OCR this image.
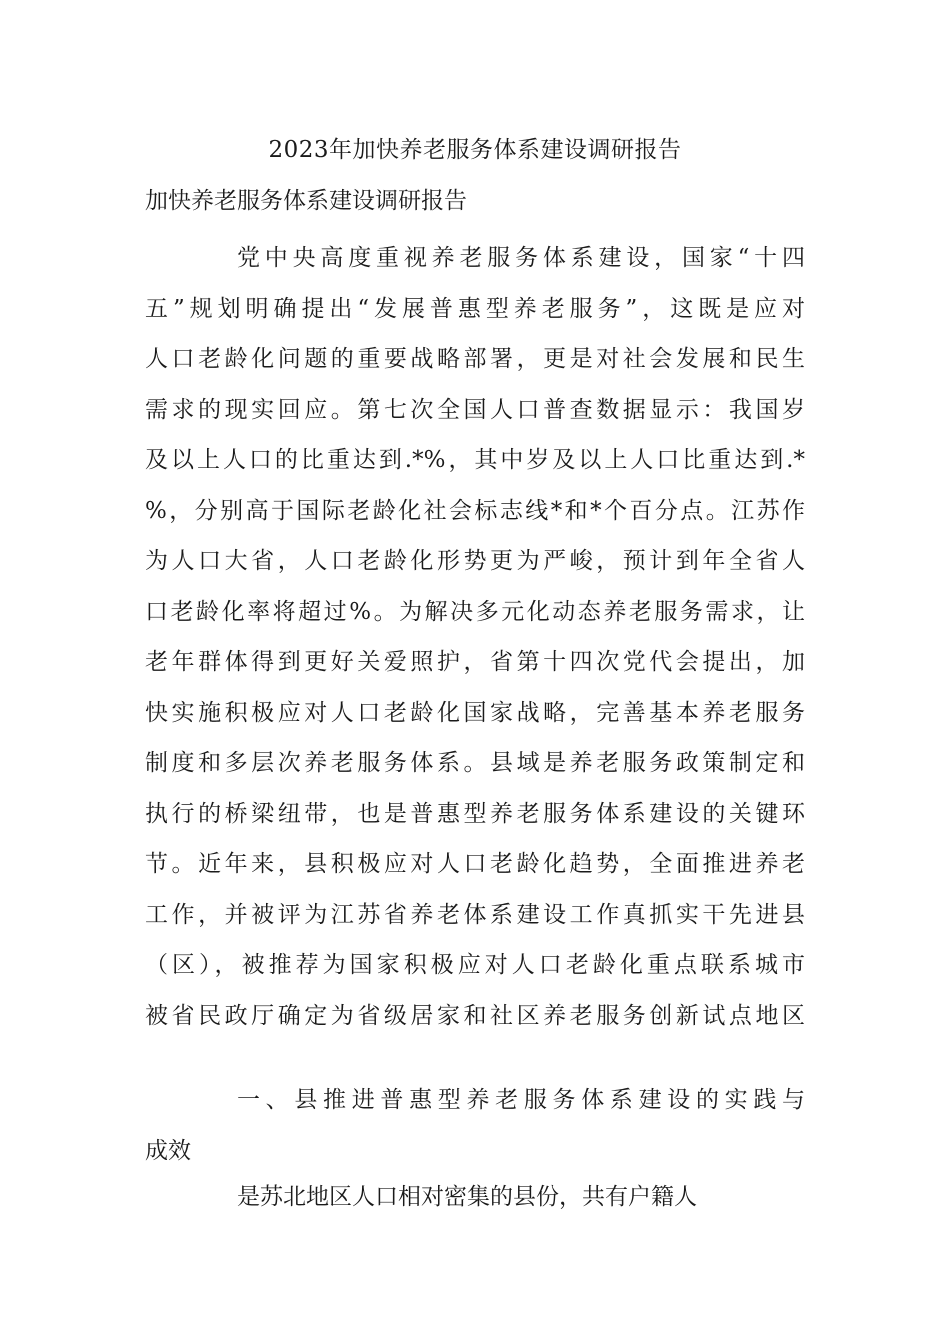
2023年加快养老服务体系建设调研报告
加快养老服务体系建设调研报告
党中央高度重视养老服务体系建设，国家“十四
五”规划明确提出“发展普惠型养老服务”，这既是应对
人口老龄化问题的重要战略部署，更是对社会发展和民生
需求的现实回应。第七次全国人口普查数据显示：我国岁
及以上人口的比重达到.*%，其中岁及以上人口比重达到.*
%，分别高于国际老龄化社会标志线*和*个百分点。江苏作
为人口大省，人口老龄化形势更为严峻，预计到年全省人
口老龄化率将超过%。为解决多元化动态养老服务需求，让
老年群体得到更好关爱照护，省第十四次党代会提出，加
快实施积极应对人口老龄化国家战略，完善基本养老服务
制度和多层次养老服务体系。县域是养老服务政策制定和
执行的桥梁纽带，也是普惠型养老服务体系建设的关键环
节。近年来，县积极应对人口老龄化趋势，全面推进养老
工作，并被评为江苏省养老体系建设工作真抓实干先进县
（区），被推荐为国家积极应对人口老龄化重点联系城市
被省民政厅确定为省级居家和社区养老服务创新试点地区
一、县推进普惠型养老服务体系建设的实践与
成效
是苏北地区人口相对密集的县份，共有户籍人
